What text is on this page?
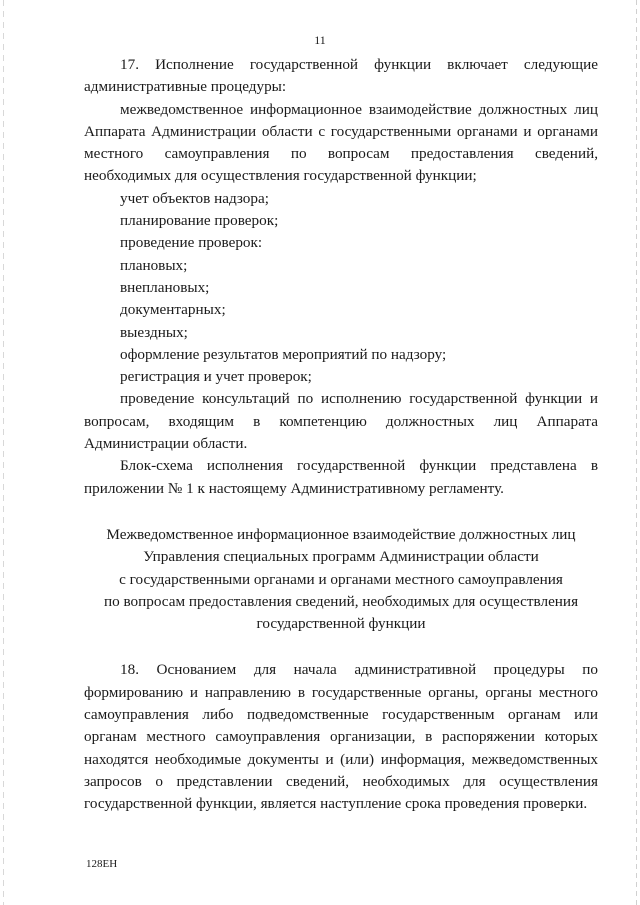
11

17. Исполнение государственной функции включает следующие административные процедуры:

межведомственное информационное взаимодействие должностных лиц Аппарата Администрации области с государственными органами и органами местного самоуправления по вопросам предоставления сведений, необходимых для осуществления государственной функции;

учет объектов надзора;

планирование проверок;

проведение проверок:

плановых;

внеплановых;

документарных;

выездных;

оформление результатов мероприятий по надзору;

регистрация и учет проверок;

проведение консультаций по исполнению государственной функции и вопросам, входящим в компетенцию должностных лиц Аппарата Администрации области.

Блок-схема исполнения государственной функции представлена в приложении № 1 к настоящему Административному регламенту.

Межведомственное информационное взаимодействие должностных лиц
Управления специальных программ Администрации области
с государственными органами и органами местного самоуправления
по вопросам предоставления сведений, необходимых для осуществления
государственной функции

18. Основанием для начала административной процедуры по формированию и направлению в государственные органы, органы местного самоуправления либо подведомственные государственным органам или органам местного самоуправления организации, в распоряжении которых находятся необходимые документы и (или) информация, межведомственных запросов о представлении сведений, необходимых для осуществления государственной функции, является наступление срока проведения проверки.

128ЕН
